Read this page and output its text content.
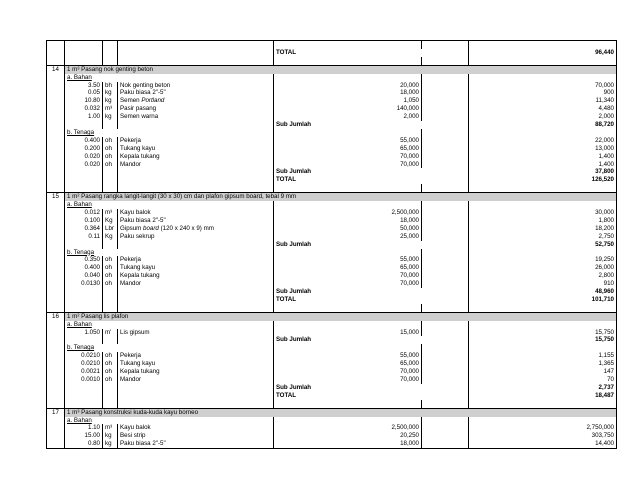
				TOTAL		96,440

14	1 m³ Pasang nok genting beton					
	a. Bahan					
	3.50	bh	Nok genting beton	20,000		70,000
	0.05	kg	Paku biasa 2"-5"	18,000		900
	10.80	kg	Semen Portland	1,050		11,340
	0.032	m³	Pasir pasang	140,000		4,480
	1.00	kg	Semen warna	2,000		2,000
				Sub Jumlah		88,720
	b. Tenaga					
	0.400	oh	Pekerja	55,000		22,000
	0.200	oh	Tukang kayu	65,000		13,000
	0.020	oh	Kepala tukang	70,000		1,400
	0.020	oh	Mandor	70,000		1,400
				Sub Jumlah		37,800
				TOTAL		126,520

15	1 m² Pasang rangka langit-langit (30 x 30) cm dan plafon gipsum board, tebal 9 mm					
	a. Bahan					
	0.012	m³	Kayu balok	2,500,000		30,000
	0.100	Kg	Paku biasa 2"-5"	18,000		1,800
	0.364	Lbr	Gipsum board (120 x 240 x 9) mm	50,000		18,200
	0.11	Kg	Paku sekrup	25,000		2,750
				Sub Jumlah		52,750
	b. Tenaga					
	0.350	oh	Pekerja	55,000		19,250
	0.400	oh	Tukang kayu	65,000		26,000
	0.040	oh	Kepala tukang	70,000		2,800
	0.0130	oh	Mandor	70,000		910
				Sub Jumlah		48,960
				TOTAL		101,710

16	1 m² Pasang lis plafon					
	a. Bahan					
	1.050	m'	Lis gipsum	15,000		15,750
				Sub Jumlah		15,750
	b. Tenaga					
	0.0210	oh	Pekerja	55,000		1,155
	0.0210	oh	Tukang kayu	65,000		1,365
	0.0021	oh	Kepala tukang	70,000		147
	0.0010	oh	Mandor	70,000		70
				Sub Jumlah		2,737
				TOTAL		18,487

17	1 m³ Pasang konstruksi kuda-kuda kayu borneo					
	a. Bahan					
	1.10	m³	Kayu balok	2,500,000		2,750,000
	15.00	kg	Besi strip	20,250		303,750
	0.80	kg	Paku biasa 2"-5"	18,000		14,400
